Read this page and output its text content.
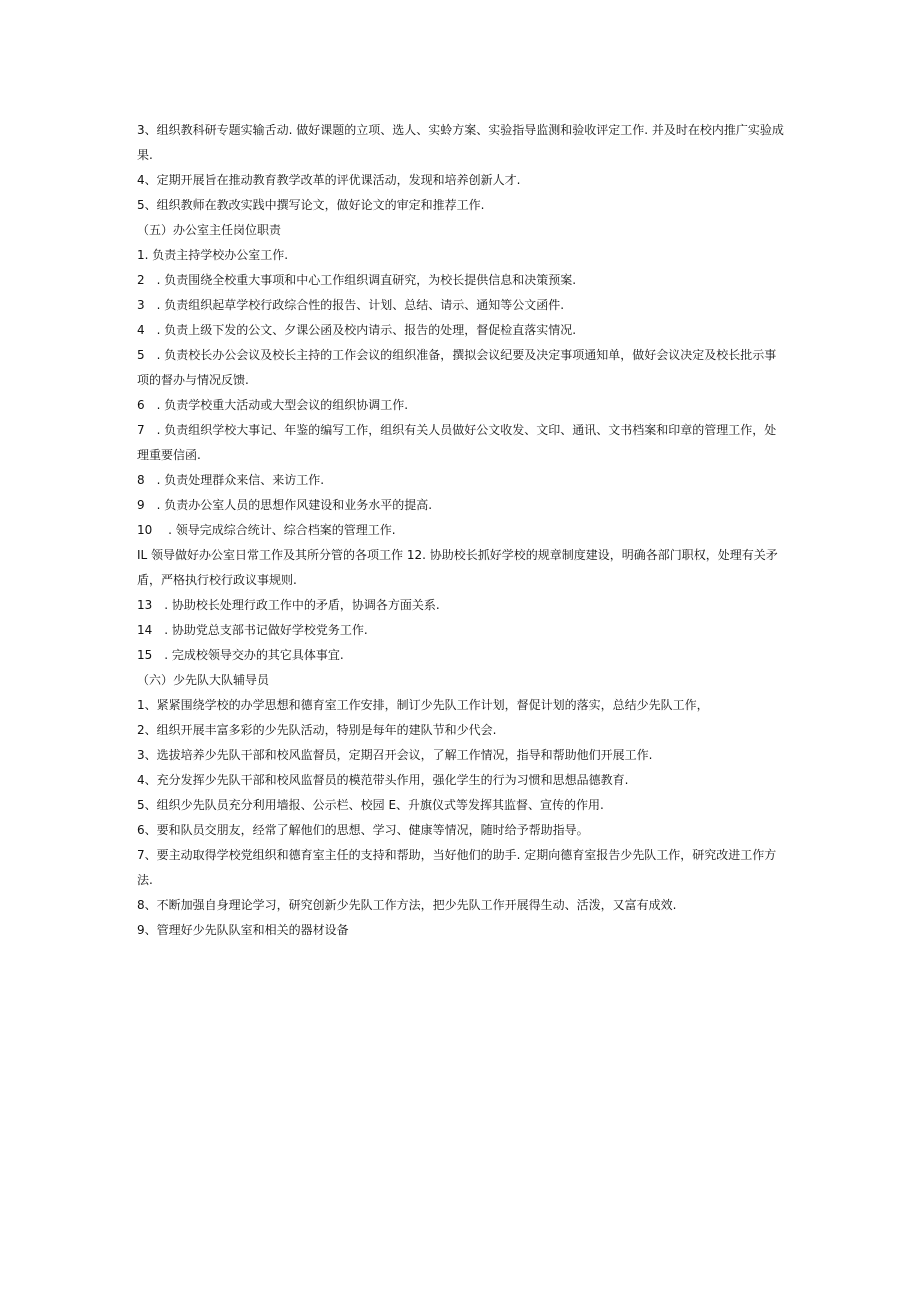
3、组织教科研专题实输舌动. 做好课题的立项、选人、实蛉方案、实验指导监测和验收评定工作. 并及时在校内推广实验成果.
4、定期开展旨在推动教育教学改革的评优课活动，发现和培养创新人才.
5、组织教师在教改实践中撰写论文，做好论文的审定和推荐工作.
（五）办公室主任岗位职责
1. 负责主持学校办公室工作.
2　. 负责围绕全校重大事项和中心工作组织调直研究，为校长提供信息和决策预案.
3　. 负责组织起草学校行政综合性的报告、计划、总结、请示、通知等公文函件.
4　. 负责上级下发的公文、夕课公函及校内请示、报告的处理，督促检直落实情况.
5　. 负责校长办公会议及校长主持的工作会议的组织准备，撰拟会议纪要及决定事项通知单，做好会议决定及校长批示事项的督办与情况反馈.
6　. 负责学校重大活动或大型会议的组织协调工作.
7　. 负责组织学校大事记、年鉴的编写工作，组织有关人员做好公文收发、文印、通讯、文书档案和印章的管理工作，处理重要信函.
8　. 负责处理群众来信、来访工作.
9　. 负责办公室人员的思想作风建设和业务水平的提高.
10　 . 领导完成综合统计、综合档案的管理工作.
IL 领导做好办公室日常工作及其所分管的各项工作 12. 协助校长抓好学校的规章制度建设，明确各部门职权，处理有关矛盾，严格执行校行政议事规则.
13　. 协助校长处理行政工作中的矛盾，协调各方面关系.
14　. 协助党总支部书记做好学校党务工作.
15　. 完成校领导交办的其它具体事宜.
（六）少先队大队辅导员
1、紧紧围绕学校的办学思想和德育室工作安排，制订少先队工作计划，督促计划的落实，总结少先队工作，
2、组织开展丰富多彩的少先队活动，特别是每年的建队节和少代会.
3、选拔培养少先队干部和校风监督员，定期召开会议，了解工作情况，指导和帮助他们开展工作.
4、充分发挥少先队干部和校风监督员的模范带头作用，强化学生的行为习惯和思想品德教育.
5、组织少先队员充分利用墙报、公示栏、校园 E、升旗仪式等发挥其监督、宣传的作用.
6、要和队员交朋友，经常了解他们的思想、学习、健康等情况，随时给予帮助指导。
7、要主动取得学校党组织和德育室主任的支持和帮助，当好他们的助手. 定期向德育室报告少先队工作，研究改进工作方法.
8、不断加强自身理论学习，研究创新少先队工作方法，把少先队工作开展得生动、活泼，又富有成效.
9、管理好少先队队室和相关的器材设备
